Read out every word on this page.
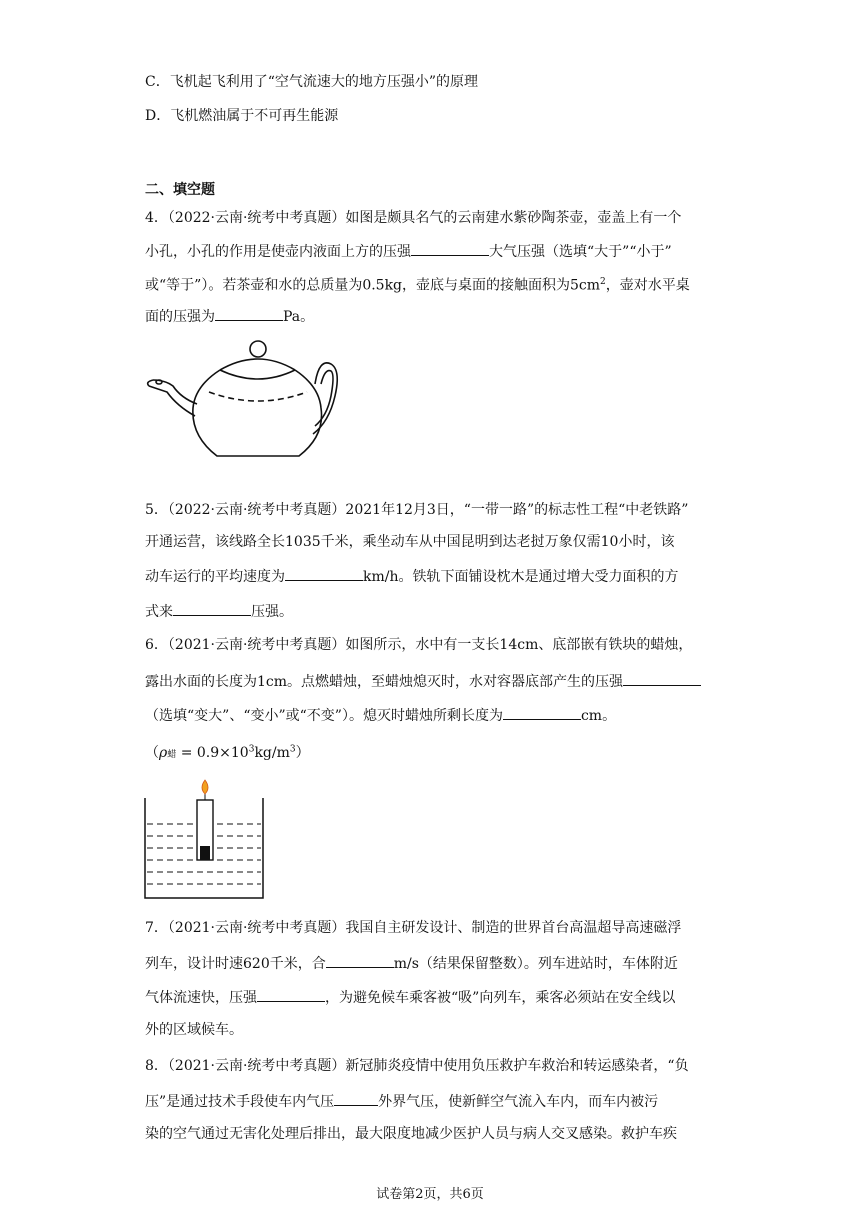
C．飞机起飞利用了“空气流速大的地方压强小”的原理
D．飞机燃油属于不可再生能源
二、填空题
4．（2022·云南·统考中考真题）如图是颇具名气的云南建水紫砂陶茶壶，壶盖上有一个
小孔，小孔的作用是使壶内液面上方的压强	大气压强（选填“大于”“小于”
或“等于”）。若茶壶和水的总质量为0.5kg，壶底与桌面的接触面积为$5cm^2$，壶对水平桌
面的压强为	Pa。
5．（2022·云南·统考中考真题）2021年12月3日，“一带一路”的标志性工程“中老铁路”
开通运营，该线路全长1035千米，乘坐动车从中国昆明到达老挝万象仅需10小时，该
动车运行的平均速度为	km/h。铁轨下面铺设枕木是通过增大受力面积的方
式来	压强。
6．（2021·云南·统考中考真题）如图所示，水中有一支长14cm、底部嵌有铁块的蜡烛，
露出水面的长度为1cm。点燃蜡烛，至蜡烛熄灭时，水对容器底部产生的压强
（选填“变大”、“变小”或“不变”）。熄灭时蜡烛所剩长度为	cm。
（ρ蜡 = $0.9\times 10^3kg/m^3$）
7．（2021·云南·统考中考真题）我国自主研发设计、制造的世界首台高温超导高速磁浮
列车，设计时速620千米，合	m/s（结果保留整数）。列车进站时，车体附近
气体流速快，压强	，为避免候车乘客被“吸”向列车，乘客必须站在安全线以
外的区域候车。
8．（2021·云南·统考中考真题）新冠肺炎疫情中使用负压救护车救治和转运感染者，“负
压”是通过技术手段使车内气压	外界气压，使新鲜空气流入车内，而车内被污
染的空气通过无害化处理后排出，最大限度地减少医护人员与病人交叉感染。救护车疾
试卷第2页，共6页
